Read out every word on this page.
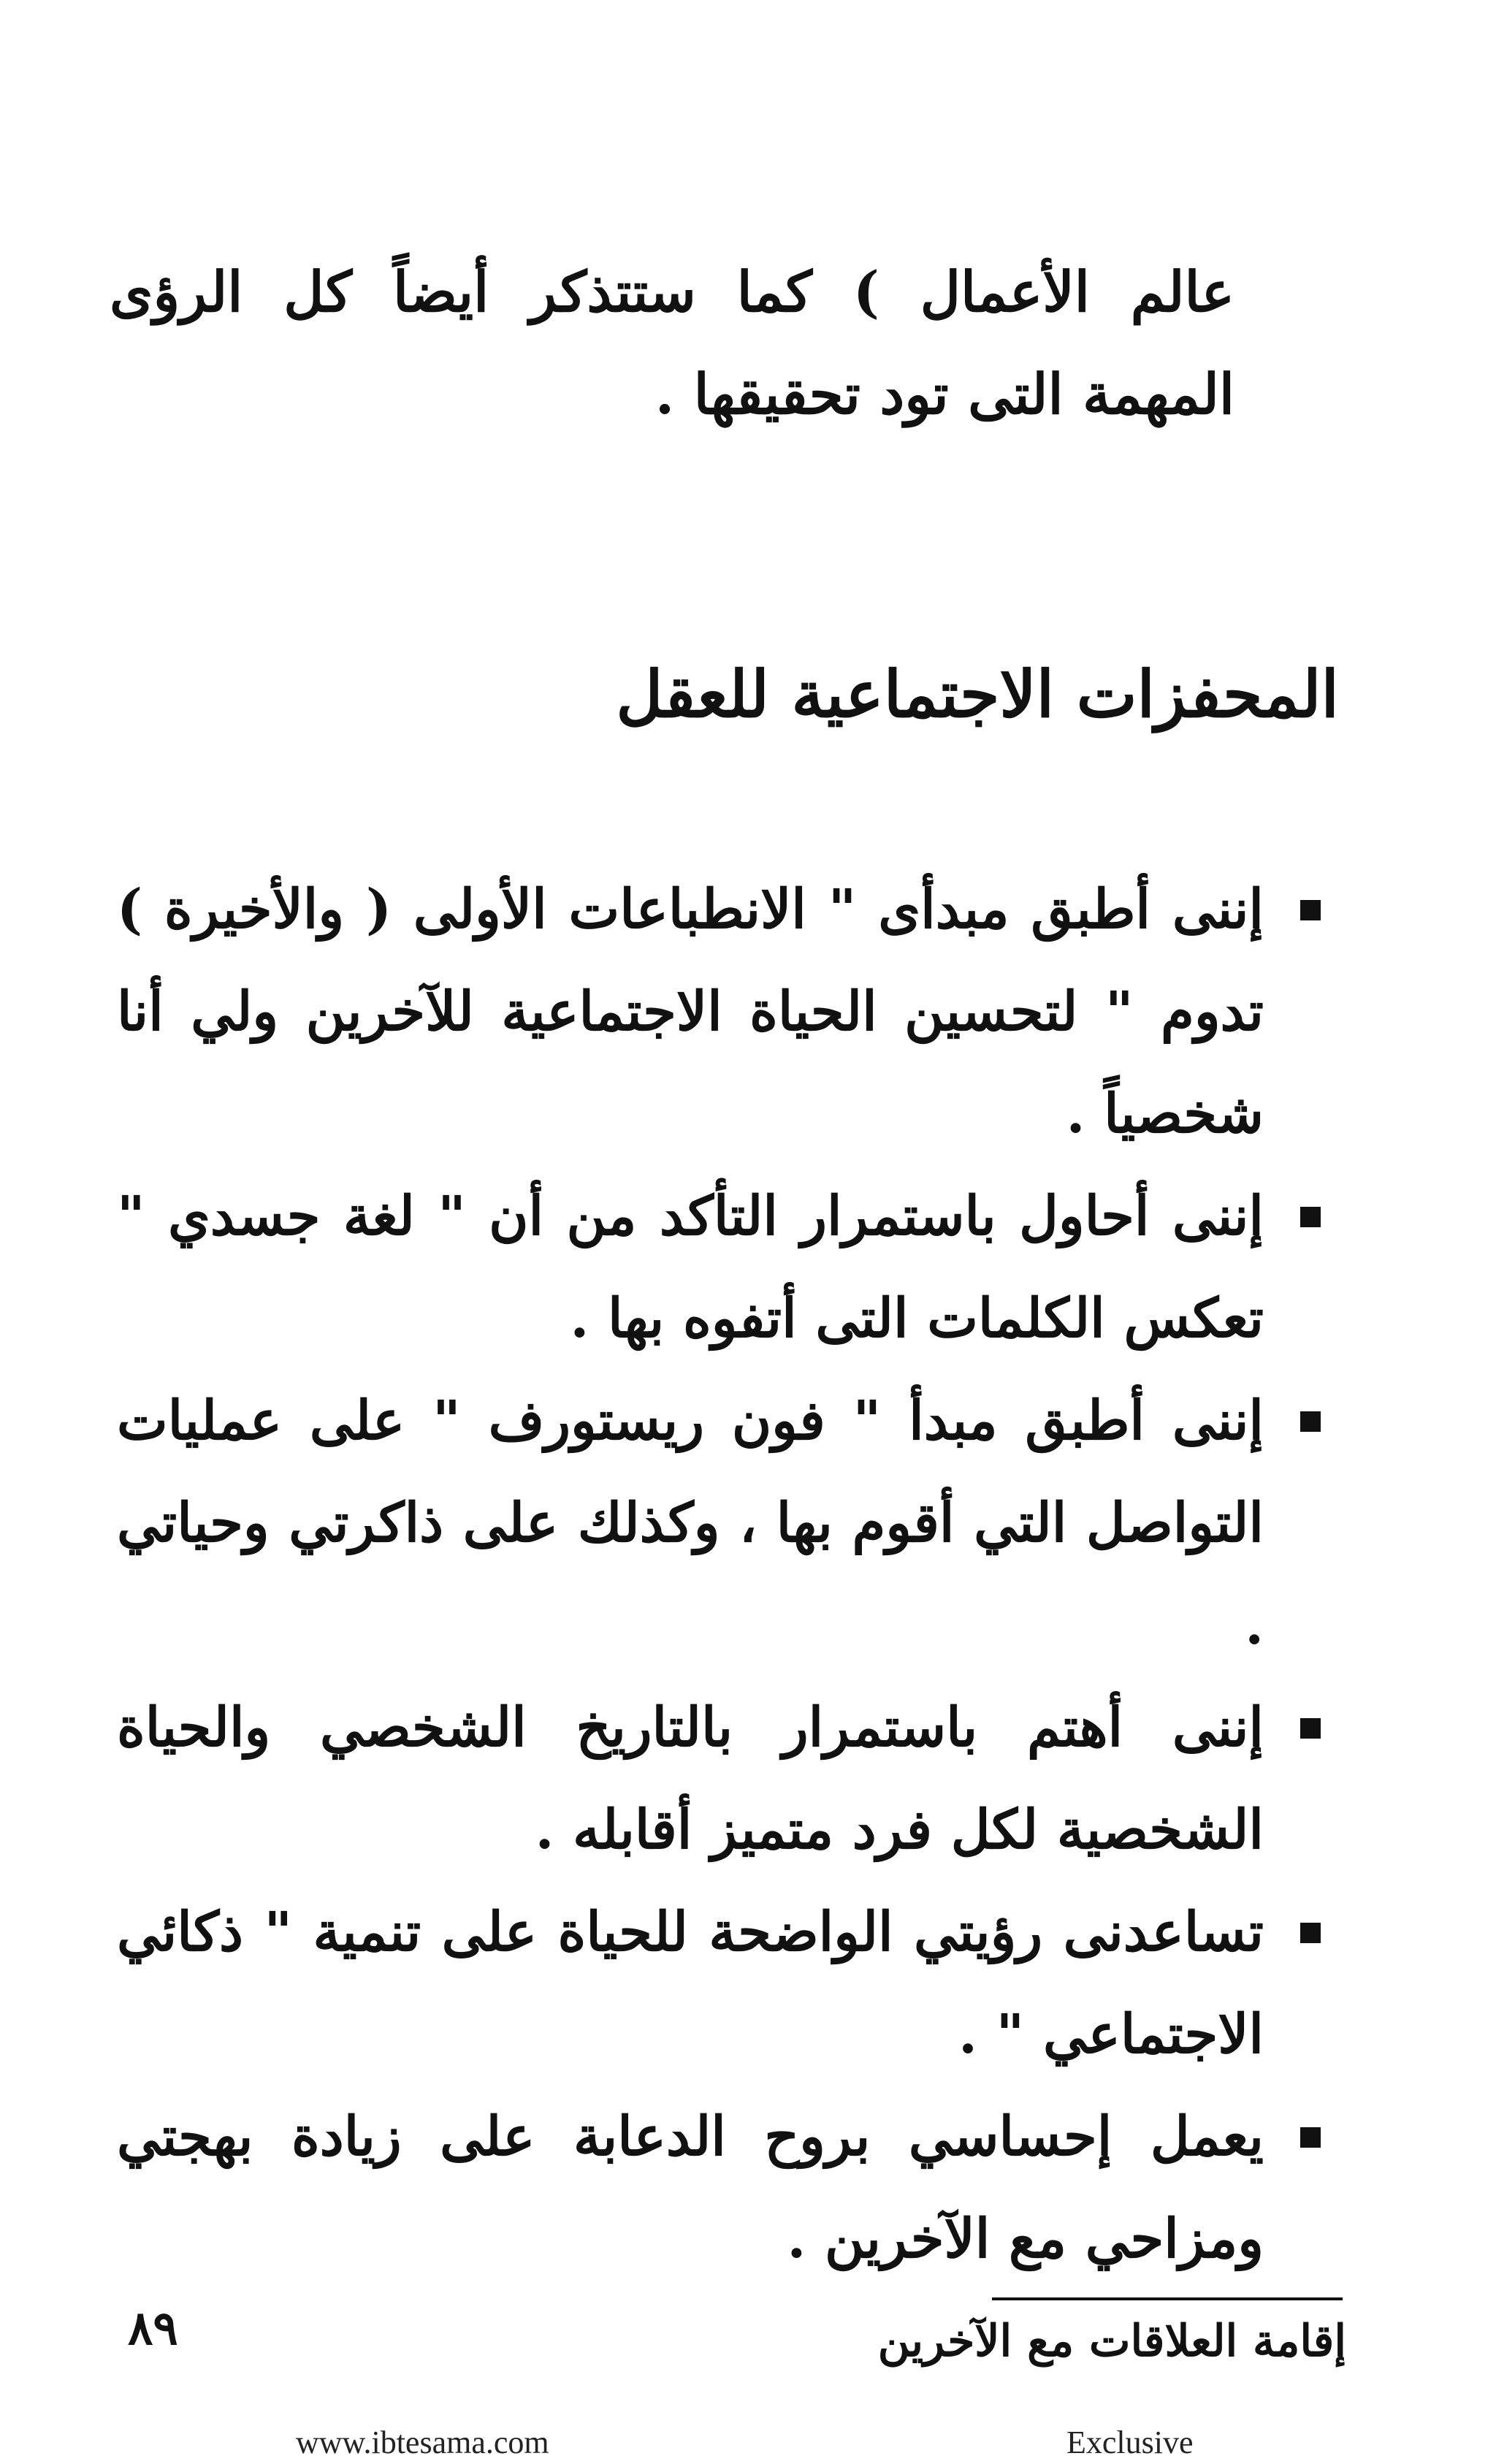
عالم الأعمال ) كما ستتذكر أيضاً كل الرؤى المهمة التى تود تحقيقها .

المحفزات الاجتماعية للعقل
إننى أطبق مبدأى " الانطباعات الأولى ( والأخيرة ) تدوم " لتحسين الحياة الاجتماعية للآخرين ولي أنا شخصياً .
إننى أحاول باستمرار التأكد من أن " لغة جسدي " تعكس الكلمات التى أتفوه بها .
إننى أطبق مبدأ " فون ريستورف " على عمليات التواصل التي أقوم بها ، وكذلك على ذاكرتي وحياتي .
إننى أهتم باستمرار بالتاريخ الشخصي والحياة الشخصية لكل فرد متميز أقابله .
تساعدنى رؤيتي الواضحة للحياة على تنمية " ذكائي الاجتماعي " .
يعمل إحساسي بروح الدعابة على زيادة بهجتي ومزاحي مع الآخرين .
٨٩	إقامة العلاقات مع الآخرين
www.ibtesama.com	Exclusive
